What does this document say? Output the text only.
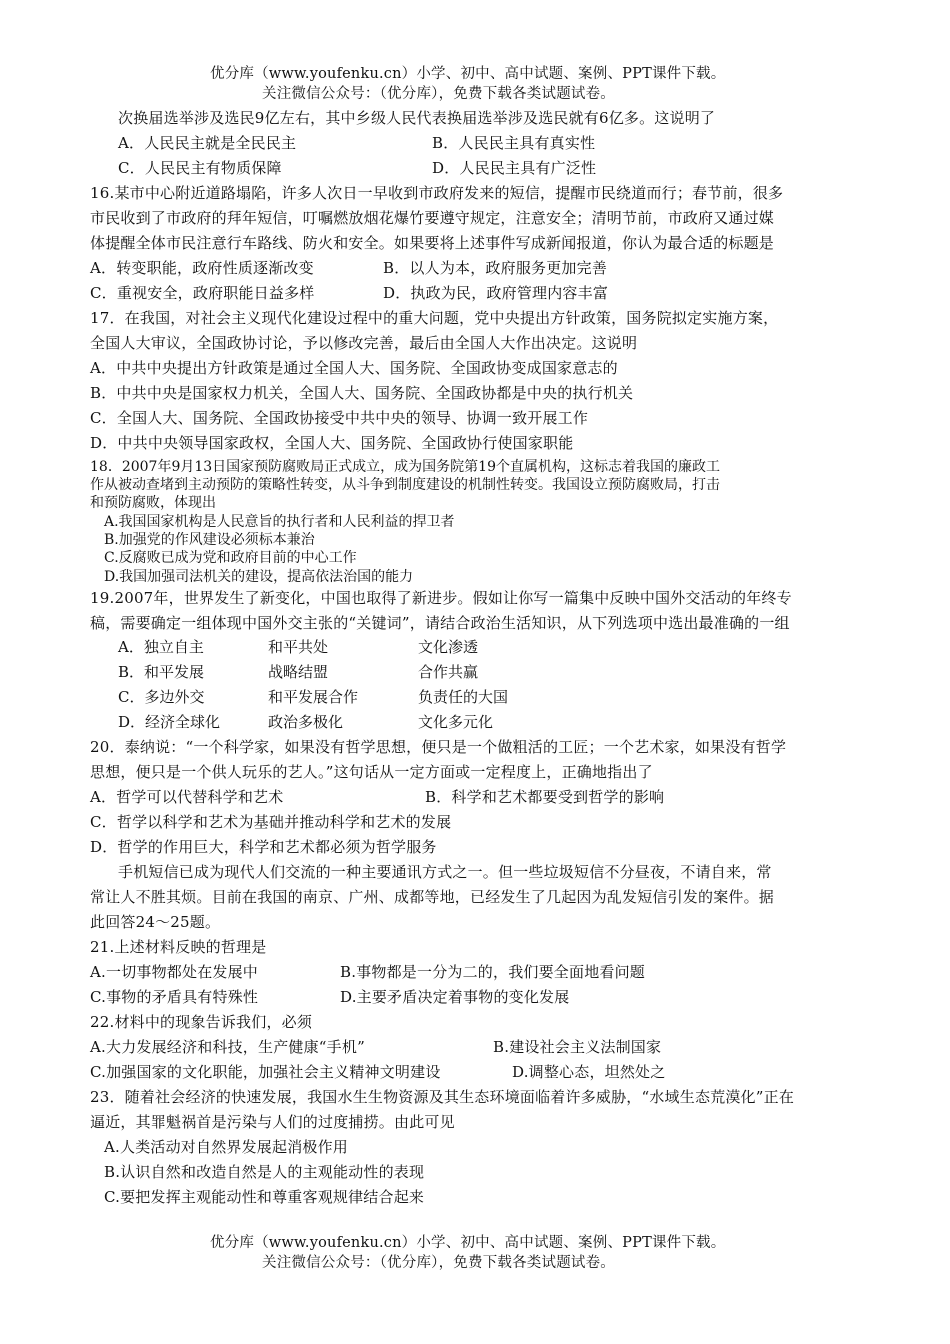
优分库（www.youfenku.cn）小学、初中、高中试题、案例、PPT课件下载。
关注微信公众号：（优分库），免费下载各类试题试卷。
次换届选举涉及选民9亿左右，其中乡级人民代表换届选举涉及选民就有6亿多。这说明了
A．人民民主就是全民民主	B．人民民主具有真实性
C．人民民主有物质保障	D．人民民主具有广泛性
16.某市中心附近道路塌陷，许多人次日一早收到市政府发来的短信，提醒市民绕道而行；春节前，很多
市民收到了市政府的拜年短信，叮嘱燃放烟花爆竹要遵守规定，注意安全；清明节前，市政府又通过媒
体提醒全体市民注意行车路线、防火和安全。如果要将上述事件写成新闻报道，你认为最合适的标题是
A．转变职能，政府性质逐渐改变	B．以人为本，政府服务更加完善
C．重视安全，政府职能日益多样	D．执政为民，政府管理内容丰富
17．在我国，对社会主义现代化建设过程中的重大问题，党中央提出方针政策，国务院拟定实施方案，
全国人大审议，全国政协讨论，予以修改完善，最后由全国人大作出决定。这说明
A．中共中央提出方针政策是通过全国人大、国务院、全国政协变成国家意志的
B．中共中央是国家权力机关，全国人大、国务院、全国政协都是中央的执行机关
C．全国人大、国务院、全国政协接受中共中央的领导、协调一致开展工作
D．中共中央领导国家政权，全国人大、国务院、全国政协行使国家职能
18．2007年9月13日国家预防腐败局正式成立，成为国务院第19个直属机构，这标志着我国的廉政工
作从被动查堵到主动预防的策略性转变，从斗争到制度建设的机制性转变。我国设立预防腐败局，打击
和预防腐败，体现出
A.我国国家机构是人民意旨的执行者和人民利益的捍卫者
B.加强党的作风建设必须标本兼治
C.反腐败已成为党和政府目前的中心工作
D.我国加强司法机关的建设，提高依法治国的能力
19.2007年，世界发生了新变化，中国也取得了新进步。假如让你写一篇集中反映中国外交活动的年终专
稿，需要确定一组体现中国外交主张的“关键词”，请结合政治生活知识，从下列选项中选出最准确的一组
A．独立自主	和平共处	文化渗透
B．和平发展	战略结盟	合作共赢
C．多边外交	和平发展合作	负责任的大国
D．经济全球化	政治多极化	文化多元化
20．泰纳说：“一个科学家，如果没有哲学思想，便只是一个做粗活的工匠；一个艺术家，如果没有哲学
思想，便只是一个供人玩乐的艺人。”这句话从一定方面或一定程度上，正确地指出了
A．哲学可以代替科学和艺术	B．科学和艺术都要受到哲学的影响
C．哲学以科学和艺术为基础并推动科学和艺术的发展
D．哲学的作用巨大，科学和艺术都必须为哲学服务
手机短信已成为现代人们交流的一种主要通讯方式之一。但一些垃圾短信不分昼夜，不请自来，常
常让人不胜其烦。目前在我国的南京、广州、成都等地，已经发生了几起因为乱发短信引发的案件。据
此回答24～25题。
21.上述材料反映的哲理是
A.一切事物都处在发展中	B.事物都是一分为二的，我们要全面地看问题
C.事物的矛盾具有特殊性	D.主要矛盾决定着事物的变化发展
22.材料中的现象告诉我们，必须
A.大力发展经济和科技，生产健康“手机”	B.建设社会主义法制国家
C.加强国家的文化职能，加强社会主义精神文明建设	D.调整心态，坦然处之
23．随着社会经济的快速发展，我国水生生物资源及其生态环境面临着许多威胁，“水域生态荒漠化”正在
逼近，其罪魁祸首是污染与人们的过度捕捞。由此可见
A.人类活动对自然界发展起消极作用
B.认识自然和改造自然是人的主观能动性的表现
C.要把发挥主观能动性和尊重客观规律结合起来
优分库（www.youfenku.cn）小学、初中、高中试题、案例、PPT课件下载。
关注微信公众号：（优分库），免费下载各类试题试卷。
